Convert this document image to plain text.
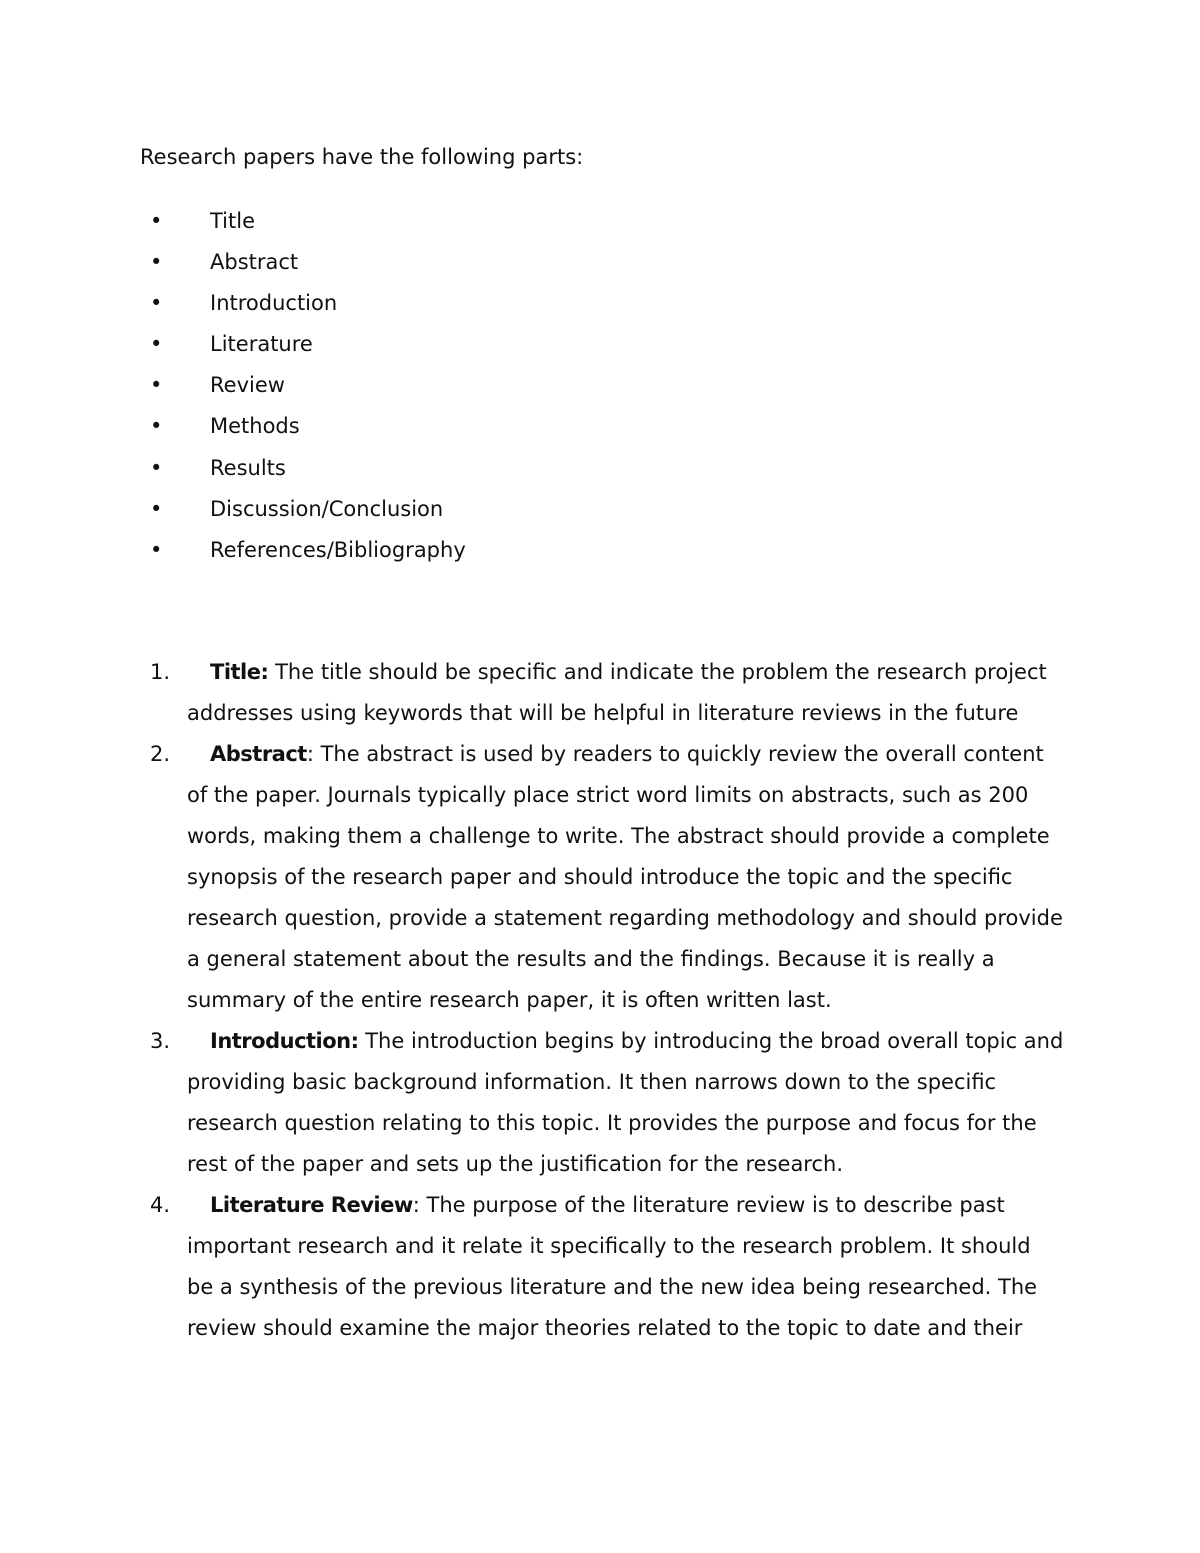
Research papers have the following parts:

• Title
• Abstract
• Introduction
• Literature
• Review
• Methods
• Results
• Discussion/Conclusion
• References/Bibliography
1.	Title: The title should be specific and indicate the problem the research project
addresses using keywords that will be helpful in literature reviews in the future
2.	Abstract: The abstract is used by readers to quickly review the overall content
of the paper. Journals typically place strict word limits on abstracts, such as 200
words, making them a challenge to write. The abstract should provide a complete
synopsis of the research paper and should introduce the topic and the specific
research question, provide a statement regarding methodology and should provide
a general statement about the results and the findings. Because it is really a
summary of the entire research paper, it is often written last.
3.	Introduction: The introduction begins by introducing the broad overall topic and
providing basic background information. It then narrows down to the specific
research question relating to this topic. It provides the purpose and focus for the
rest of the paper and sets up the justification for the research.
4.	Literature Review: The purpose of the literature review is to describe past
important research and it relate it specifically to the research problem. It should
be a synthesis of the previous literature and the new idea being researched. The
review should examine the major theories related to the topic to date and their
